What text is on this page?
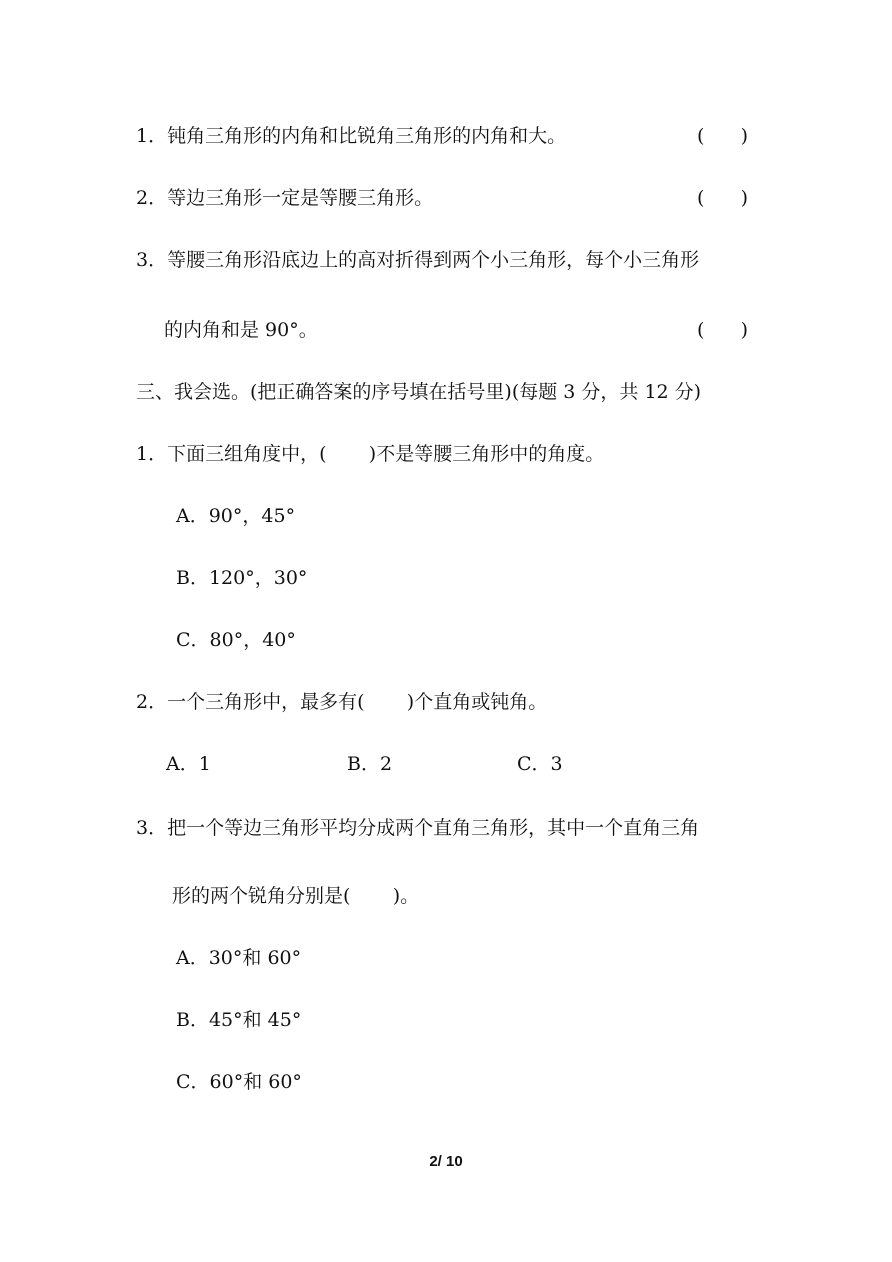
1．钝角三角形的内角和比锐角三角形的内角和大。	(      )
2．等边三角形一定是等腰三角形。	(      )
3．等腰三角形沿底边上的高对折得到两个小三角形，每个小三角形
的内角和是 90°。	(      )
三、我会选。(把正确答案的序号填在括号里)(每题 3 分，共 12 分)
1．下面三组角度中，(       )不是等腰三角形中的角度。
A．90°，45°
B．120°，30°
C．80°，40°
2．一个三角形中，最多有(       )个直角或钝角。
A．1	B．2	C．3
3．把一个等边三角形平均分成两个直角三角形，其中一个直角三角
形的两个锐角分别是(       )。
A．30°和 60°
B．45°和 45°
C．60°和 60°
2/ 10
